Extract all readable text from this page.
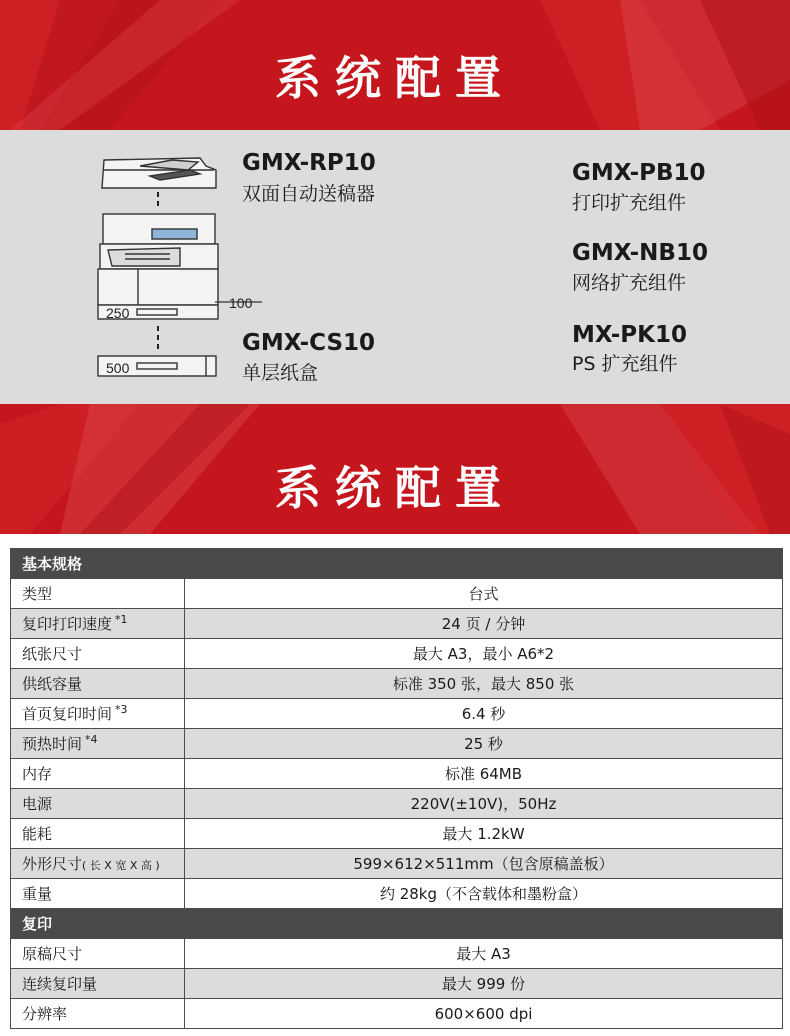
系统配置
250
100
500
GMX-RP10
双面自动送稿器
GMX-CS10
单层纸盒
GMX-PB10
打印扩充组件
GMX-NB10
网络扩充组件
MX-PK10
PS 扩充组件
系统配置
基本规格	
类型	台式
复印打印速度 $^{*1}$	24 页 / 分钟
纸张尺寸	最大 A3，最小 A6*2
供纸容量	标准 350 张，最大 850 张
首页复印时间 $^{*3}$	6.4 秒
预热时间 $^{*4}$	25 秒
内存	标准 64MB
电源	220V(±10V)，50Hz
能耗	最大 1.2kW
外形尺寸( 长 X 宽 X 高 )	599×612×511mm（包含原稿盖板）
重量	约 28kg（不含载体和墨粉盒）
复印	
原稿尺寸	最大 A3
连续复印量	最大 999 份
分辨率	600×600 dpi
